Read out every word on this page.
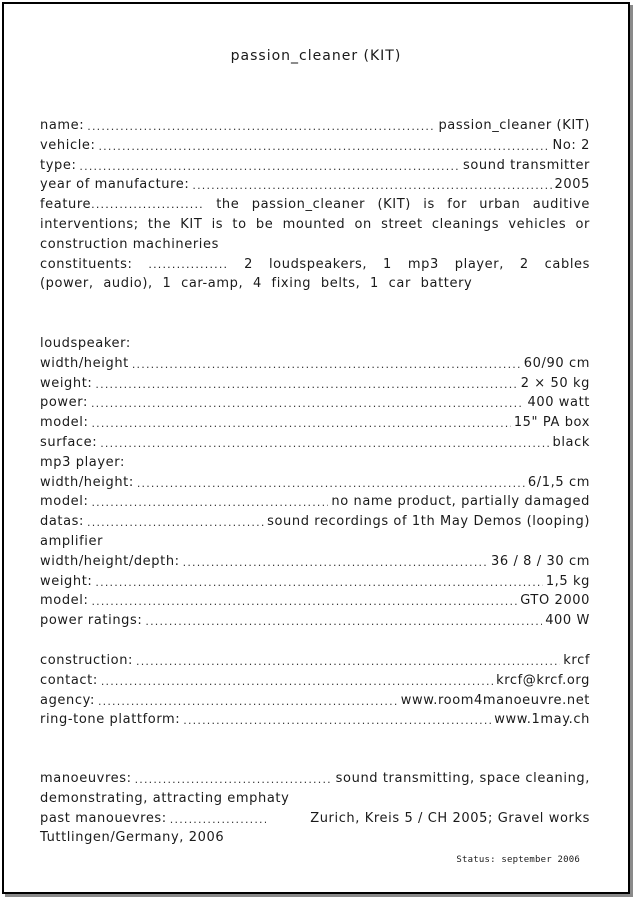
passion_cleaner (KIT)
name: .....	passion_cleaner (KIT)
vehicle: .....	No: 2
type: .....	sound transmitter
year of manufacture: .....	2005
feature........................ the passion_cleaner (KIT) is for urban auditive interventions; the KIT is to be mounted on street cleanings vehicles or construction machineries
constituents: ................. 2 loudspeakers, 1 mp3 player, 2 cables (power, audio), 1 car-amp, 4 fixing belts, 1 car battery
loudspeaker:
width/height .....	60/90 cm
weight: .....	2 × 50 kg
power: .....	400 watt
model: .....	15" PA box
surface: .....	black
mp3 player:
width/height: .....	6/1,5 cm
model: .....	no name product, partially damaged
datas: .....	sound recordings of 1th May Demos (looping)
amplifier
width/height/depth: .....	36 / 8 / 30 cm
weight: .....	1,5 kg
model: .....	GTO 2000
power ratings: .....	400 W
construction: .....	krcf
contact: .....	krcf@krcf.org
agency: .....	www.room4manoeuvre.net
ring-tone plattform: .....	www.1may.ch
manoeuvres: .....	sound transmitting, space cleaning,
demonstrating, attracting emphaty
past manouevres: .....	Zurich, Kreis 5 / CH 2005; Gravel works
Tuttlingen/Germany, 2006
Status: september 2006
